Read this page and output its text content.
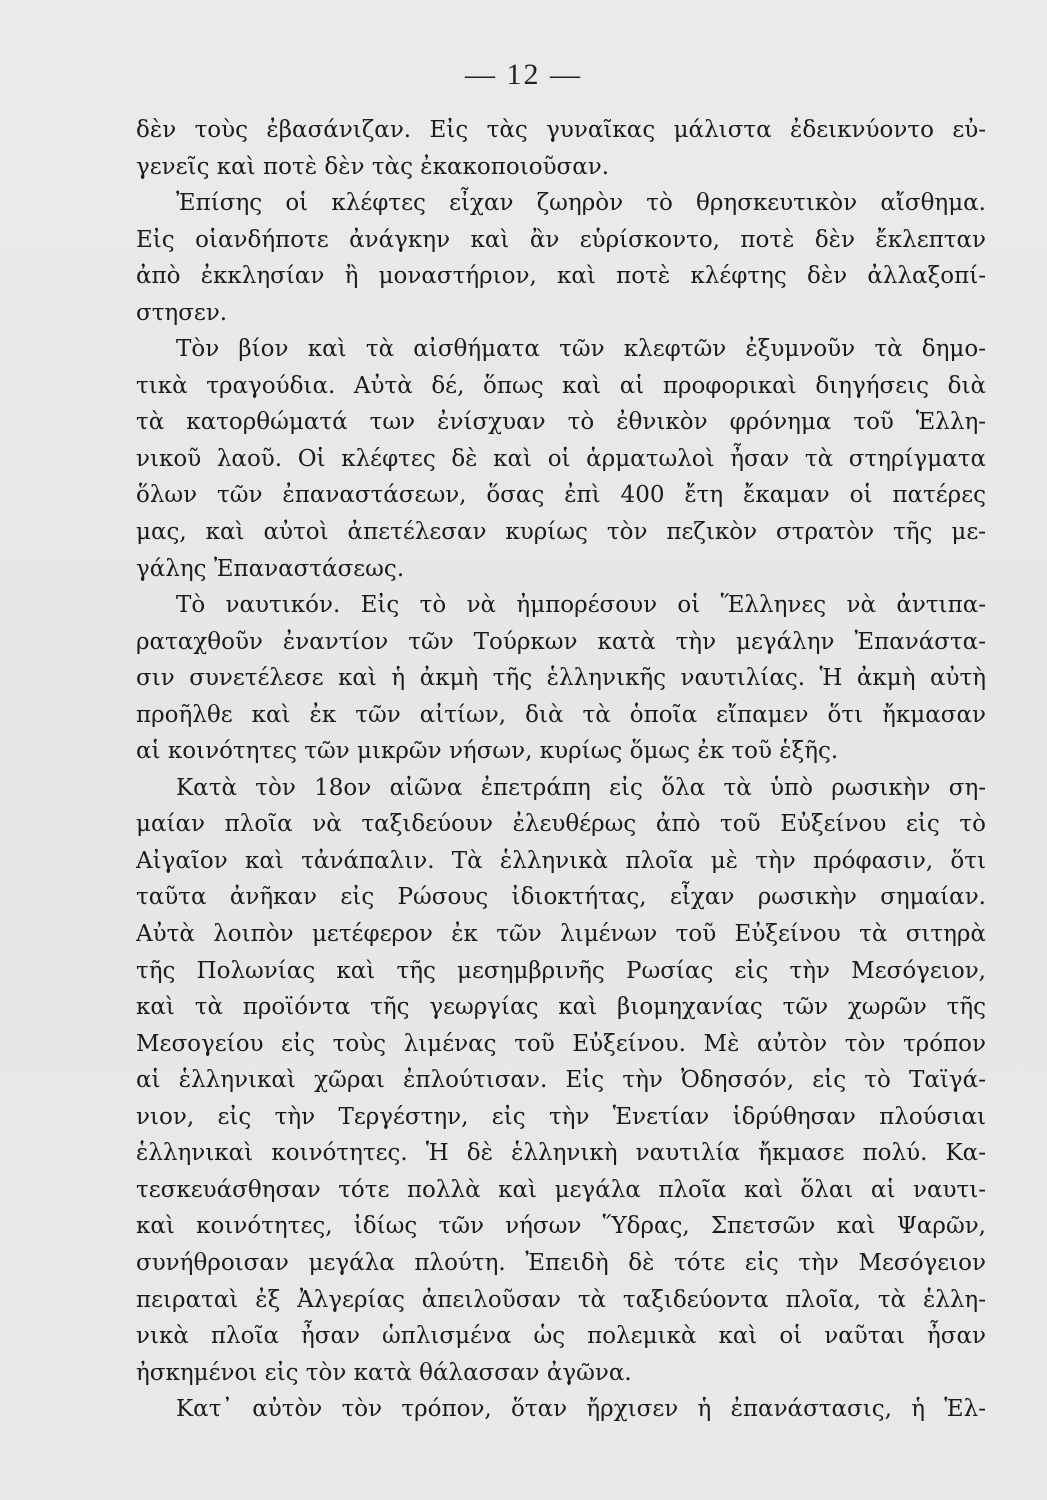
— 12 —
δὲν τοὺς ἐβασάνιζαν. Εἰς τὰς γυναῖκας μάλιστα ἐδεικνύοντο εὐ-
γενεῖς καὶ ποτὲ δὲν τὰς ἐκακοποιοῦσαν.
Ἐπίσης οἱ κλέφτες εἶχαν ζωηρὸν τὸ θρησκευτικὸν αἴσθημα.
Εἰς οἱανδήποτε ἀνάγκην καὶ ἂν εὑρίσκοντο, ποτὲ δὲν ἔκλεπταν
ἀπὸ ἐκκλησίαν ἢ μοναστήριον, καὶ ποτὲ κλέφτης δὲν ἀλλαξοπί-
στησεν.
Τὸν βίον καὶ τὰ αἰσθήματα τῶν κλεφτῶν ἐξυμνοῦν τὰ δημο-
τικὰ τραγούδια. Αὐτὰ δέ, ὅπως καὶ αἱ προφορικαὶ διηγήσεις διὰ
τὰ κατορθώματά των ἐνίσχυαν τὸ ἐθνικὸν φρόνημα τοῦ Ἑλλη-
νικοῦ λαοῦ. Οἱ κλέφτες δὲ καὶ οἱ ἁρματωλοὶ ἦσαν τὰ στηρίγματα
ὅλων τῶν ἐπαναστάσεων, ὅσας ἐπὶ 400 ἔτη ἔκαμαν οἱ πατέρες
μας, καὶ αὐτοὶ ἀπετέλεσαν κυρίως τὸν πεζικὸν στρατὸν τῆς με-
γάλης Ἐπαναστάσεως.
Τὸ ναυτικόν. Εἰς τὸ νὰ ἠμπορέσουν οἱ Ἕλληνες νὰ ἀντιπα-
ραταχθοῦν ἐναντίον τῶν Τούρκων κατὰ τὴν μεγάλην Ἐπανάστα-
σιν συνετέλεσε καὶ ἡ ἀκμὴ τῆς ἑλληνικῆς ναυτιλίας. Ἡ ἀκμὴ αὐτὴ
προῆλθε καὶ ἐκ τῶν αἰτίων, διὰ τὰ ὁποῖα εἴπαμεν ὅτι ἤκμασαν
αἱ κοινότητες τῶν μικρῶν νήσων, κυρίως ὅμως ἐκ τοῦ ἑξῆς.
Κατὰ τὸν 18ον αἰῶνα ἐπετράπη εἰς ὅλα τὰ ὑπὸ ρωσικὴν ση-
μαίαν πλοῖα νὰ ταξιδεύουν ἐλευθέρως ἀπὸ τοῦ Εὐξείνου εἰς τὸ
Αἰγαῖον καὶ τἀνάπαλιν. Τὰ ἑλληνικὰ πλοῖα μὲ τὴν πρόφασιν, ὅτι
ταῦτα ἀνῆκαν εἰς Ρώσους ἰδιοκτήτας, εἶχαν ρωσικὴν σημαίαν.
Αὐτὰ λοιπὸν μετέφερον ἐκ τῶν λιμένων τοῦ Εὐξείνου τὰ σιτηρὰ
τῆς Πολωνίας καὶ τῆς μεσημβρινῆς Ρωσίας εἰς τὴν Μεσόγειον,
καὶ τὰ προϊόντα τῆς γεωργίας καὶ βιομηχανίας τῶν χωρῶν τῆς
Μεσογείου εἰς τοὺς λιμένας τοῦ Εὐξείνου. Μὲ αὐτὸν τὸν τρόπον
αἱ ἑλληνικαὶ χῶραι ἐπλούτισαν. Εἰς τὴν Ὀδησσόν, εἰς τὸ Ταϊγά-
νιον, εἰς τὴν Τεργέστην, εἰς τὴν Ἑνετίαν ἱδρύθησαν πλούσιαι
ἑλληνικαὶ κοινότητες. Ἡ δὲ ἑλληνικὴ ναυτιλία ἤκμασε πολύ. Κα-
τεσκευάσθησαν τότε πολλὰ καὶ μεγάλα πλοῖα καὶ ὅλαι αἱ ναυτι-
καὶ κοινότητες, ἰδίως τῶν νήσων Ὕδρας, Σπετσῶν καὶ Ψαρῶν,
συνήθροισαν μεγάλα πλούτη. Ἐπειδὴ δὲ τότε εἰς τὴν Μεσόγειον
πειραταὶ ἐξ Ἀλγερίας ἀπειλοῦσαν τὰ ταξιδεύοντα πλοῖα, τὰ ἑλλη-
νικὰ πλοῖα ἦσαν ὡπλισμένα ὡς πολεμικὰ καὶ οἱ ναῦται ἦσαν
ἠσκημένοι εἰς τὸν κατὰ θάλασσαν ἀγῶνα.
Κατ᾽ αὐτὸν τὸν τρόπον, ὅταν ἤρχισεν ἡ ἐπανάστασις, ἡ Ἑλ-
